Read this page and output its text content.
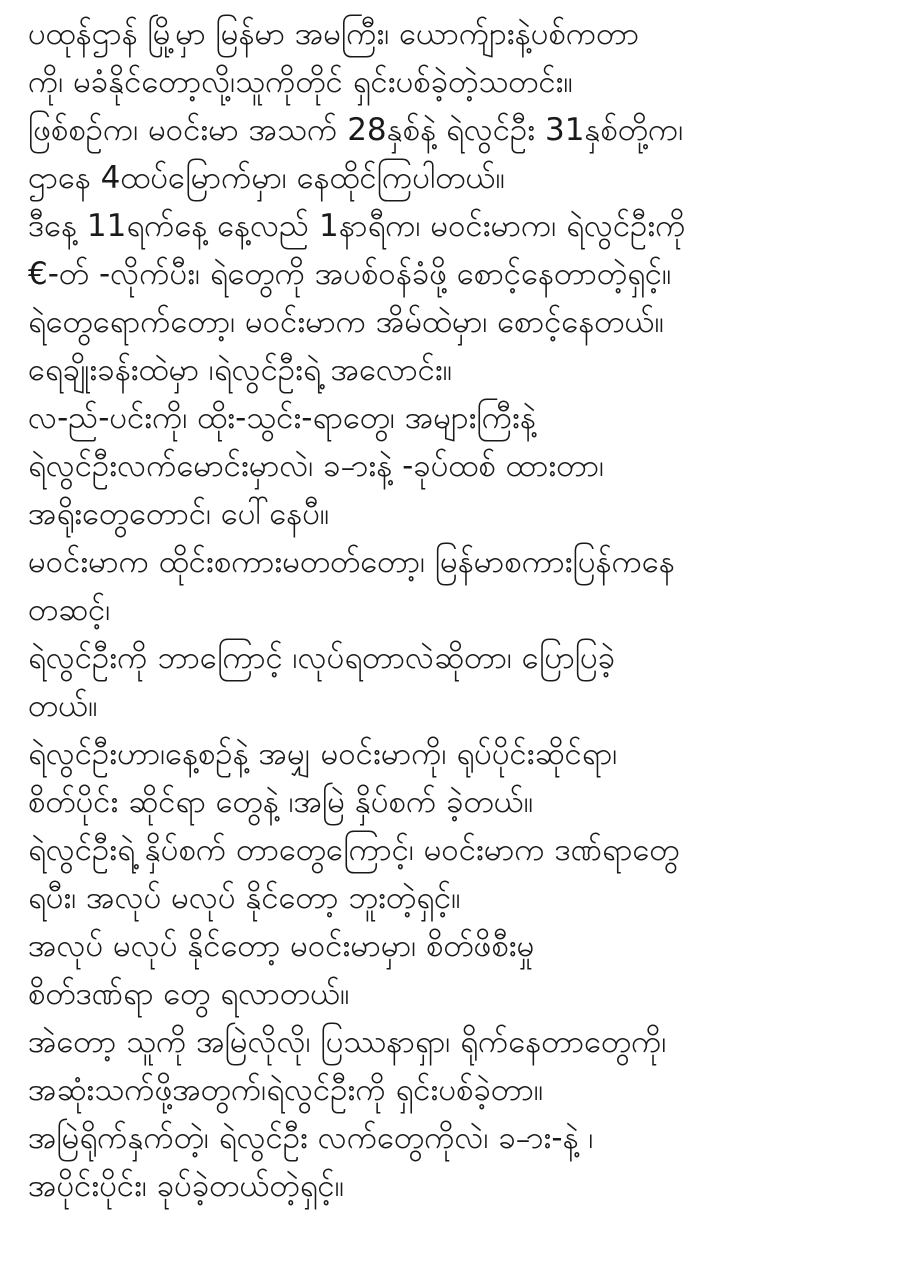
ပထုန်ဌာန် မြို့မှာ မြန်မာ အမကြီး၊ ယောက်ျားနဲ့ပစ်ကတာ
ကို၊ မခံနိုင်တော့လို့၊သူကိုတိုင် ရှင်းပစ်ခဲ့တဲ့သတင်း။
ဖြစ်စဉ်က၊ မဝင်းမာ အသက် 28နှစ်နဲ့ ရဲလွင်ဦး 31နှစ်တို့က၊
ဌာနေ 4ထပ်မြောက်မှာ၊ နေထိုင်ကြပါတယ်။
ဒီနေ့ 11ရက်နေ့ နေ့လည် 1နာရီက၊ မဝင်းမာက၊ ရဲလွင်ဦးကို
€-တ် -လိုက်ပီး၊ ရဲတွေကို အပစ်ဝန်ခံဖို့ စောင့်နေတာတဲ့ရှင့်။
ရဲတွေရောက်တော့၊ မဝင်းမာက အိမ်ထဲမှာ၊ စောင့်နေတယ်။
ရေချိုးခန်းထဲမှာ ၊ရဲလွင်ဦးရဲ့ အလောင်း။
လ-ည်-ပင်းကို၊ ထိုး-သွင်း-ရာတွေ၊ အများကြီးနဲ့
ရဲလွင်ဦးလက်မောင်းမှာလဲ၊ ခ-ားနဲ့ -ခုပ်ထစ် ထားတာ၊
အရိုးတွေတောင်၊ ပေါ်နေပီ။
မဝင်းမာက ထိုင်းစကားမတတ်တော့၊ မြန်မာစကားပြန်ကနေ
တဆင့်၊
ရဲလွင်ဦးကို ဘာကြောင့် ၊လုပ်ရတာလဲဆိုတာ၊ ပြောပြခဲ့
တယ်။
ရဲလွင်ဦးဟာ၊နေ့စဉ်နဲ့ အမျှ မဝင်းမာကို၊ ရုပ်ပိုင်းဆိုင်ရာ၊
စိတ်ပိုင်း ဆိုင်ရာ တွေနဲ့ ၊အမြဲ နှိပ်စက် ခဲ့တယ်။
ရဲလွင်ဦးရဲ့ နှိပ်စက် တာတွေကြောင့်၊ မဝင်းမာက ဒဏ်ရာတွေ
ရပီး၊ အလုပ် မလုပ် နိုင်တော့ ဘူးတဲ့ရှင့်။
အလုပ် မလုပ် နိုင်တော့ မဝင်းမာမှာ၊ စိတ်ဖိစီးမှု
စိတ်ဒဏ်ရာ တွေ ရလာတယ်။
အဲတော့ သူကို အမြဲလိုလို၊ ပြဿနာရှာ၊ ရိုက်နေတာတွေကို၊
အဆုံးသက်ဖို့အတွက်၊ရဲလွင်ဦးကို ရှင်းပစ်ခဲ့တာ။
အမြဲရိုက်နှက်တဲ့၊ ရဲလွင်ဦး လက်တွေကိုလဲ၊ ခ-ား-နဲ့ ၊
အပိုင်းပိုင်း၊ ခုပ်ခဲ့တယ်တဲ့ရှင့်။
